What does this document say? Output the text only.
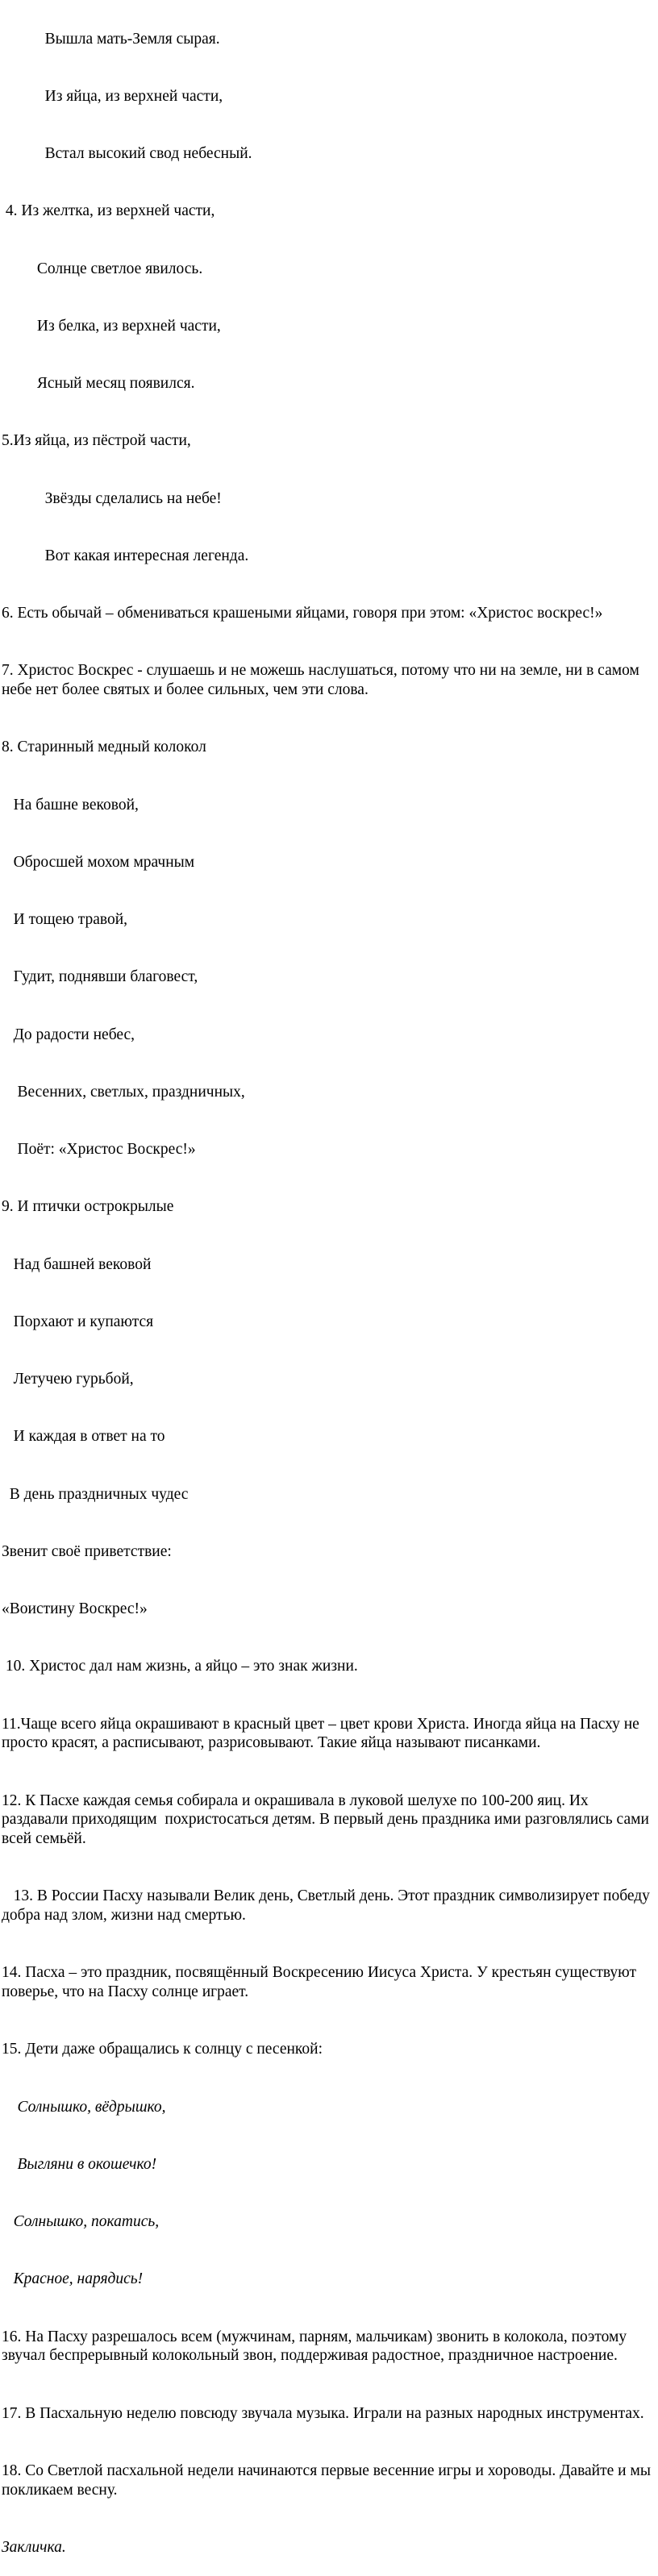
Вышла мать-Земля сырая.

Из яйца, из верхней части,

Встал высокий свод небесный.

4. Из желтка, из верхней части,

Солнце светлое явилось.

Из белка, из верхней части,

Ясный месяц появился.

5.Из яйца, из пёстрой части,

Звёзды сделались на небе!

Вот какая интересная легенда.

6. Есть обычай – обмениваться крашеными яйцами, говоря при этом: «Христос воскрес!»

7. Христос Воскрес - слушаешь и не можешь наслушаться, потому что ни на земле, ни в самом небе нет более святых и более сильных, чем эти слова.

8. Старинный медный колокол

На башне вековой,

Обросшей мохом мрачным

И тощею травой,

Гудит, поднявши благовест,

До радости небес,

Весенних, светлых, праздничных,

Поёт: «Христос Воскрес!»

9. И птички острокрылые

Над башней вековой

Порхают и купаются

Летучею гурьбой,

И каждая в ответ на то

В день праздничных чудес

Звенит своё приветствие:

«Воистину Воскрес!»

10. Христос дал нам жизнь, а яйцо – это знак жизни.

11.Чаще всего яйца окрашивают в красный цвет – цвет крови Христа. Иногда яйца на Пасху не просто красят, а расписывают, разрисовывают. Такие яйца называют писанками.

12. К Пасхе каждая семья собирала и окрашивала в луковой шелухе по 100-200 яиц. Их раздавали приходящим  похристосаться детям. В первый день праздника ими разговлялись сами всей семьёй.

13. В России Пасху называли Велик день, Светлый день. Этот праздник символизирует победу добра над злом, жизни над смертью.

14. Пасха – это праздник, посвящённый Воскресению Иисуса Христа. У крестьян существуют поверье, что на Пасху солнце играет.

15. Дети даже обращались к солнцу с песенкой:

Солнышко, вёдрышко,

Выгляни в окошечко!

Солнышко, покатись,

Красное, нарядись!

16. На Пасху разрешалось всем (мужчинам, парням, мальчикам) звонить в колокола, поэтому звучал беспрерывный колокольный звон, поддерживая радостное, праздничное настроение.

17. В Пасхальную неделю повсюду звучала музыка. Играли на разных народных инструментах.

18. Со Светлой пасхальной недели начинаются первые весенние игры и хороводы. Давайте и мы покликаем весну.

Закличка.
